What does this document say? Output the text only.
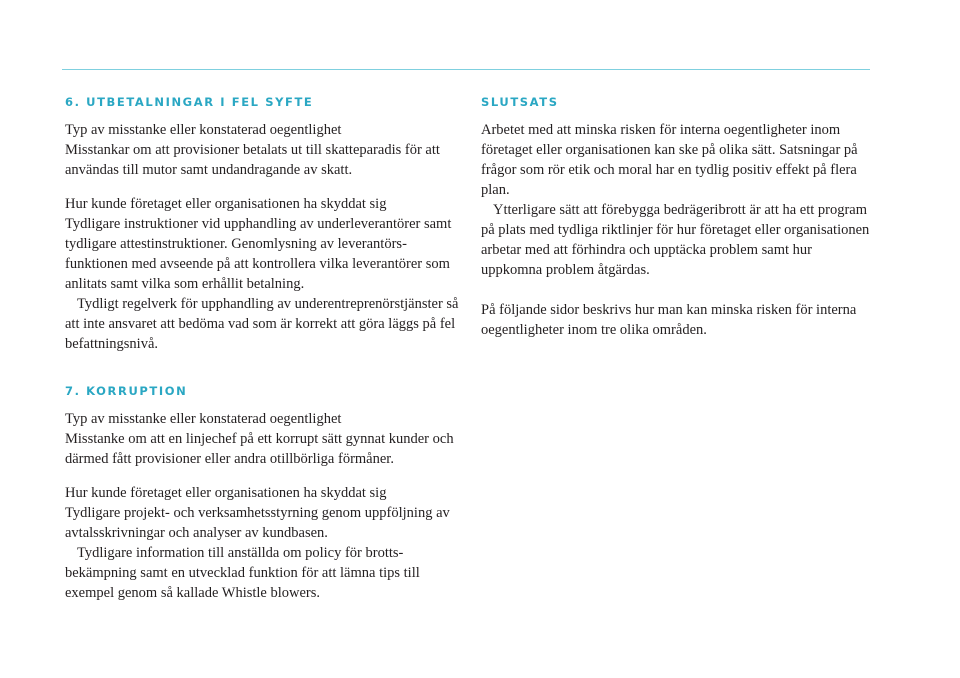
6. UTBETALNINGAR I FEL SYFTE

Typ av misstanke eller konstaterad oegentlighet

Misstankar om att provisioner betalats ut till skatteparadis för att användas till mutor samt undandragande av skatt.

Hur kunde företaget eller organisationen ha skyddat sig

Tydligare instruktioner vid upphandling av underleverantörer samt tydligare attestinstruktioner. Genomlysning av leverantörsfunktionen med avseende på att kontrollera vilka leverantörer som anlitats samt vilka som erhållit betalning.

Tydligt regelverk för upphandling av underentreprenörstjänster så att inte ansvaret att bedöma vad som är korrekt att göra läggs på fel befattningsnivå.

SLUTSATS

Arbetet med att minska risken för interna oegentligheter inom företaget eller organisationen kan ske på olika sätt. Satsningar på frågor som rör etik och moral har en tydlig positiv effekt på flera plan.

Ytterligare sätt att förebygga bedrägeribrott är att ha ett program på plats med tydliga riktlinjer för hur företaget eller organisationen arbetar med att förhindra och upptäcka problem samt hur uppkomna problem åtgärdas.

På följande sidor beskrivs hur man kan minska risken för interna oegentligheter inom tre olika områden.

7. KORRUPTION

Typ av misstanke eller konstaterad oegentlighet

Misstanke om att en linjechef på ett korrupt sätt gynnat kunder och därmed fått provisioner eller andra otillbörliga förmåner.

Hur kunde företaget eller organisationen ha skyddat sig

Tydligare projekt- och verksamhetsstyrning genom uppföljning av avtalsskrivningar och analyser av kundbasen.

Tydligare information till anställda om policy för brottsbekämpning samt en utvecklad funktion för att lämna tips till exempel genom så kallade Whistle blowers.
